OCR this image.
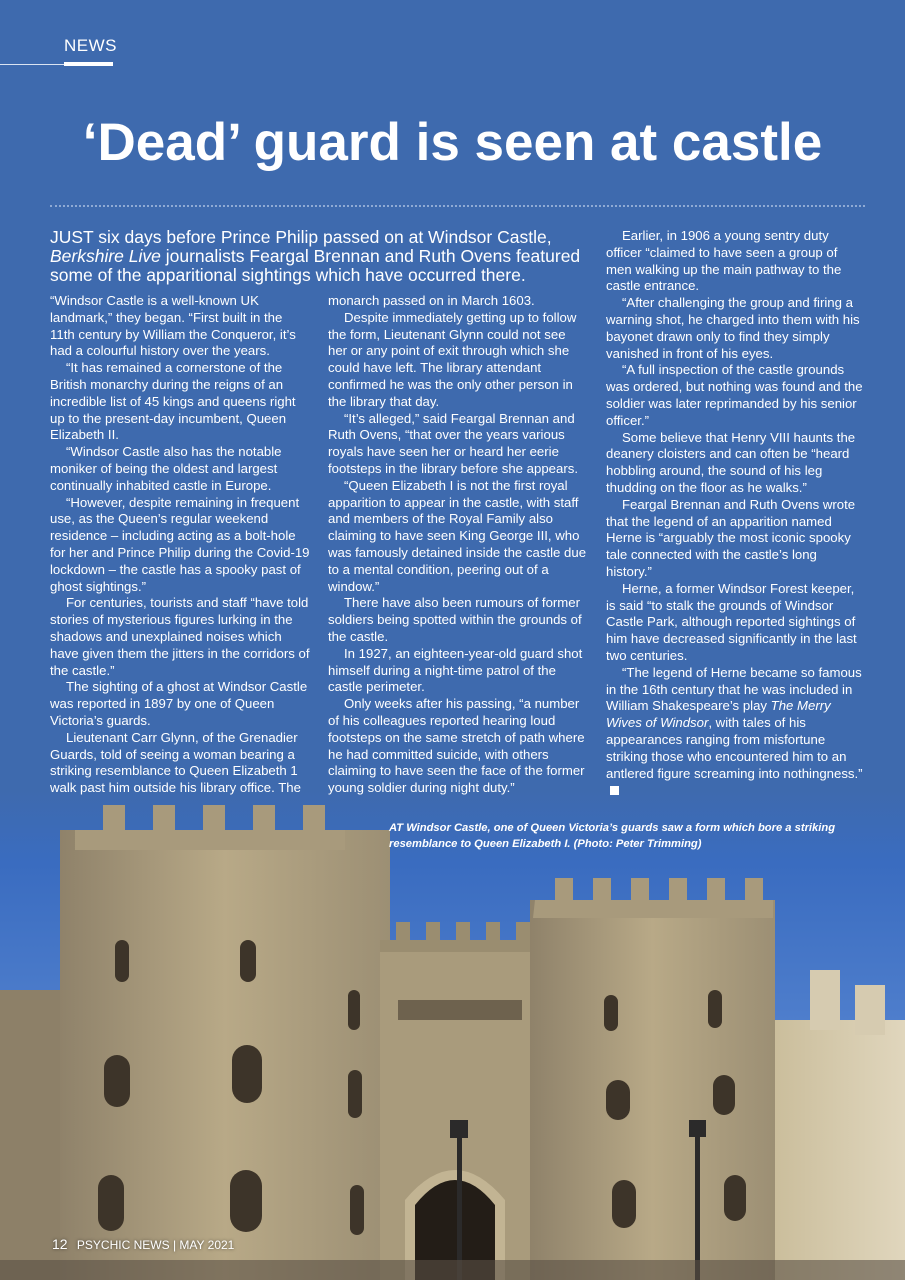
NEWS
‘Dead’ guard is seen at castle

JUST six days before Prince Philip passed on at Windsor Castle, Berkshire Live journalists Feargal Brennan and Ruth Ovens featured some of the apparitional sightings which have occurred there.

“Windsor Castle is a well-known UK landmark,” they began. “First built in the 11th century by William the Conqueror, it’s had a colourful history over the years.

“It has remained a cornerstone of the British monarchy during the reigns of an incredible list of 45 kings and queens right up to the present-day incumbent, Queen Elizabeth II.

“Windsor Castle also has the notable moniker of being the oldest and largest continually inhabited castle in Europe.

“However, despite remaining in frequent use, as the Queen’s regular weekend residence – including acting as a bolt-hole for her and Prince Philip during the Covid-19 lockdown – the castle has a spooky past of ghost sightings.”

For centuries, tourists and staff “have told stories of mysterious figures lurking in the shadows and unexplained noises which have given them the jitters in the corridors of the castle.”

The sighting of a ghost at Windsor Castle was reported in 1897 by one of Queen Victoria’s guards.

Lieutenant Carr Glynn, of the Grenadier Guards, told of seeing a woman bearing a striking resemblance to Queen Elizabeth 1 walk past him outside his library office. The

monarch passed on in March 1603.

Despite immediately getting up to follow the form, Lieutenant Glynn could not see her or any point of exit through which she could have left. The library attendant confirmed he was the only other person in the library that day.

“It’s alleged,” said Feargal Brennan and Ruth Ovens, “that over the years various royals have seen her or heard her eerie footsteps in the library before she appears.

“Queen Elizabeth I is not the first royal apparition to appear in the castle, with staff and members of the Royal Family also claiming to have seen King George III, who was famously detained inside the castle due to a mental condition, peering out of a window.”

There have also been rumours of former soldiers being spotted within the grounds of the castle.

In 1927, an eighteen-year-old guard shot himself during a night-time patrol of the castle perimeter.

Only weeks after his passing, “a number of his colleagues reported hearing loud footsteps on the same stretch of path where he had committed suicide, with others claiming to have seen the face of the former young soldier during night duty.”

Earlier, in 1906 a young sentry duty officer “claimed to have seen a group of men walking up the main pathway to the castle entrance.

“After challenging the group and firing a warning shot, he charged into them with his bayonet drawn only to find they simply vanished in front of his eyes.

“A full inspection of the castle grounds was ordered, but nothing was found and the soldier was later reprimanded by his senior officer.”

Some believe that Henry VIII haunts the deanery cloisters and can often be “heard hobbling around, the sound of his leg thudding on the floor as he walks.”

Feargal Brennan and Ruth Ovens wrote that the legend of an apparition named Herne is “arguably the most iconic spooky tale connected with the castle’s long history.”

Herne, a former Windsor Forest keeper, is said “to stalk the grounds of Windsor Castle Park, although reported sightings of him have decreased significantly in the last two centuries.

“The legend of Herne became so famous in the 16th century that he was included in William Shakespeare’s play The Merry Wives of Windsor, with tales of his appearances ranging from misfortune striking those who encountered him to an antlered figure screaming into nothingness.”

AT Windsor Castle, one of Queen Victoria’s guards saw a form which bore a striking resemblance to Queen Elizabeth I. (Photo: Peter Trimming)

12 PSYCHIC NEWS | MAY 2021
